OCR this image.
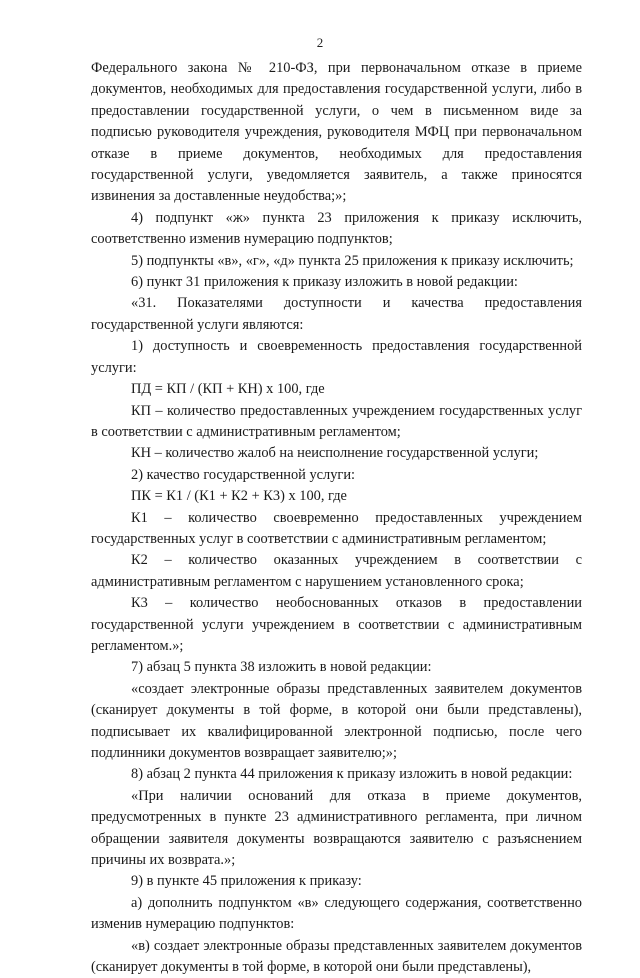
2

Федерального закона № 210-ФЗ, при первоначальном отказе в приеме документов, необходимых для предоставления государственной услуги, либо в предоставлении государственной услуги, о чем в письменном виде за подписью руководителя учреждения, руководителя МФЦ при первоначальном отказе в приеме документов, необходимых для предоставления государственной услуги, уведомляется заявитель, а также приносятся извинения за доставленные неудобства;»;

4) подпункт «ж» пункта 23 приложения к приказу исключить, соответственно изменив нумерацию подпунктов;

5) подпункты «в», «г», «д» пункта 25 приложения к приказу исключить;

6) пункт 31 приложения к приказу изложить в новой редакции:

«31. Показателями доступности и качества предоставления государственной услуги являются:

1) доступность и своевременность предоставления государственной услуги:

ПД = КП / (КП + КН) х 100, где

КП – количество предоставленных учреждением государственных услуг в соответствии с административным регламентом;

КН – количество жалоб на неисполнение государственной услуги;

2) качество государственной услуги:

ПК = К1 / (К1 + К2 + К3) х 100, где

К1 – количество своевременно предоставленных учреждением государственных услуг в соответствии с административным регламентом;

К2 – количество оказанных учреждением в соответствии с административным регламентом с нарушением установленного срока;

К3 – количество необоснованных отказов в предоставлении государственной услуги учреждением в соответствии с административным регламентом.»;

7) абзац 5 пункта 38 изложить в новой редакции:

«создает электронные образы представленных заявителем документов (сканирует документы в той форме, в которой они были представлены), подписывает их квалифицированной электронной подписью, после чего подлинники документов возвращает заявителю;»;

8) абзац 2 пункта 44 приложения к приказу изложить в новой редакции:

«При наличии оснований для отказа в приеме документов, предусмотренных в пункте 23 административного регламента, при личном обращении заявителя документы возвращаются заявителю с разъяснением причины их возврата.»;

9) в пункте 45 приложения к приказу:

а) дополнить подпунктом «в» следующего содержания, соответственно изменив нумерацию подпунктов:

«в) создает электронные образы представленных заявителем документов (сканирует документы в той форме, в которой они были представлены),
